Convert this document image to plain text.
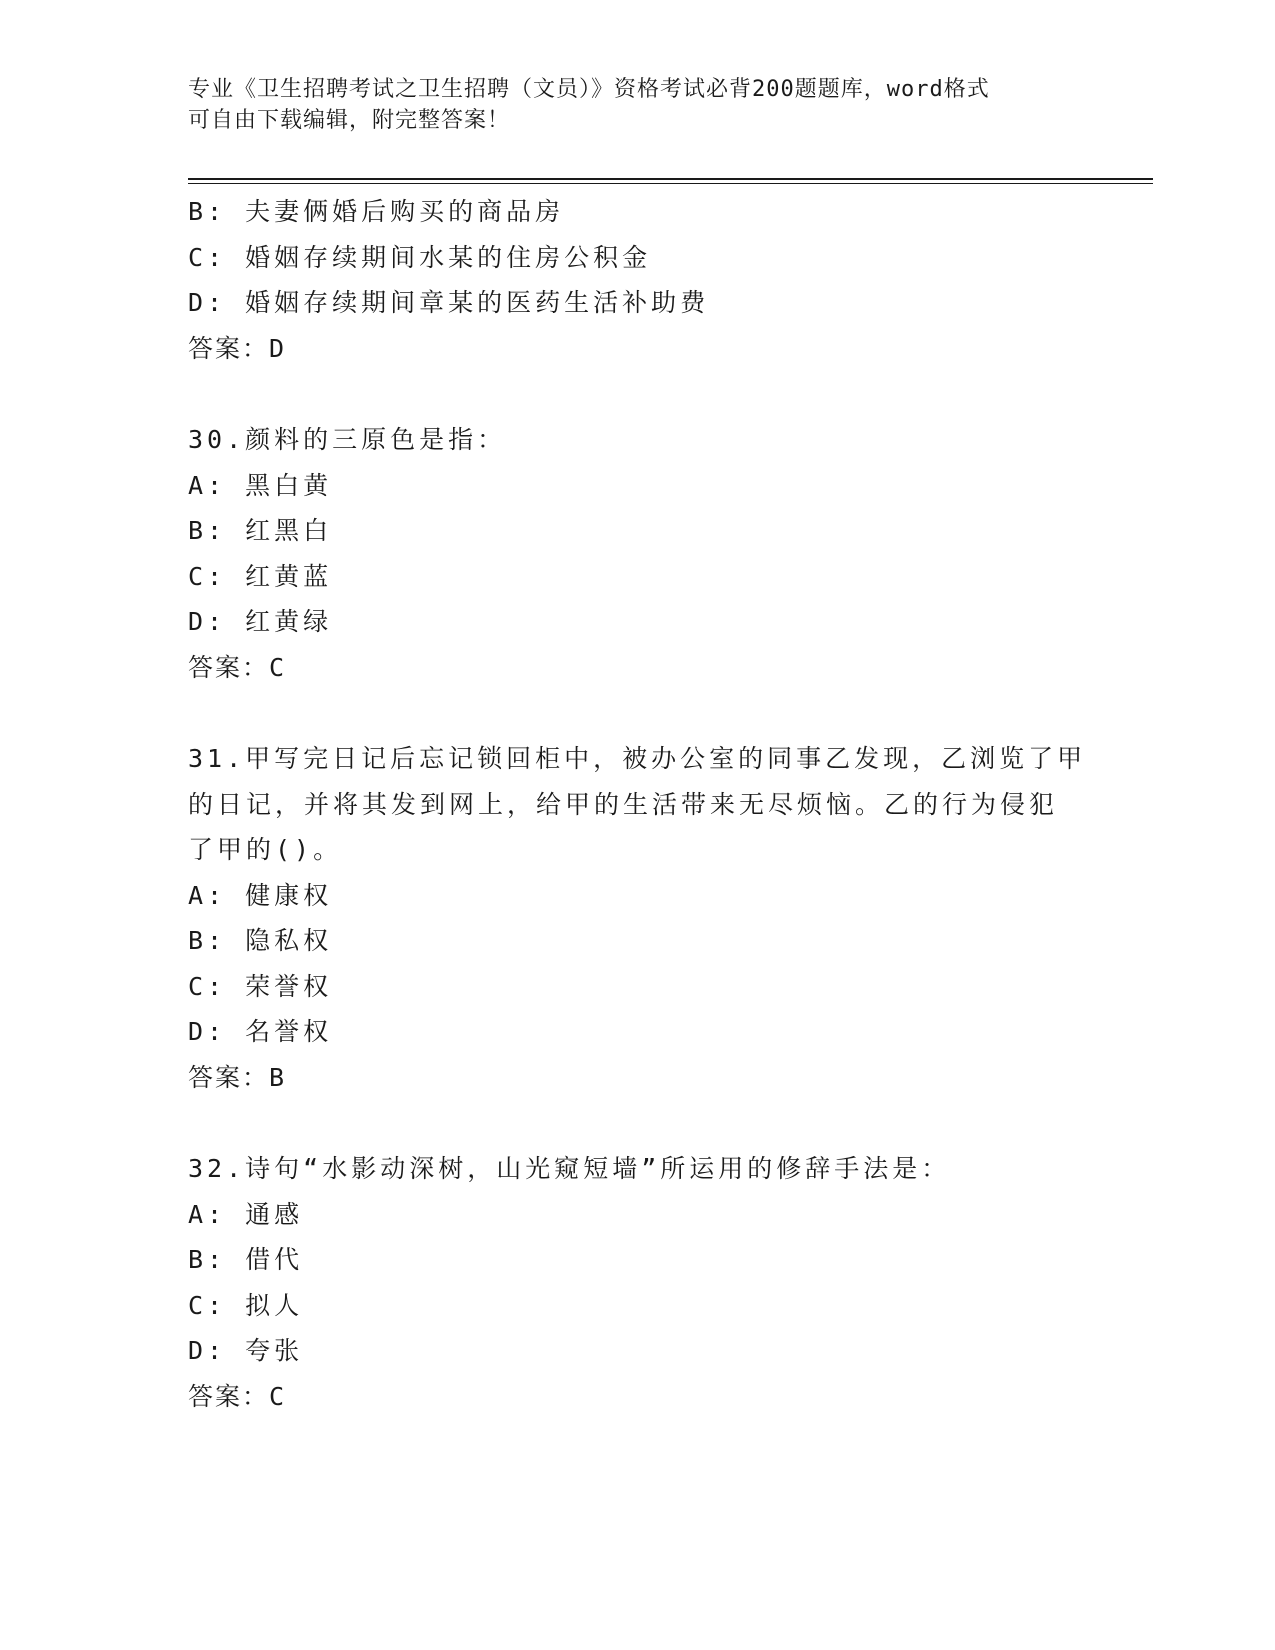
专业《卫生招聘考试之卫生招聘（文员）》资格考试必背200题题库，word格式
可自由下载编辑，附完整答案！
B: 夫妻俩婚后购买的商品房
C: 婚姻存续期间水某的住房公积金
D: 婚姻存续期间章某的医药生活补助费
答案：D
30.颜料的三原色是指：
A: 黑白黄
B: 红黑白
C: 红黄蓝
D: 红黄绿
答案：C
31.甲写完日记后忘记锁回柜中，被办公室的同事乙发现，乙浏览了甲
的日记，并将其发到网上，给甲的生活带来无尽烦恼。乙的行为侵犯
了甲的()。
A: 健康权
B: 隐私权
C: 荣誉权
D: 名誉权
答案：B
32.诗句“水影动深树，山光窥短墙”所运用的修辞手法是：
A: 通感
B: 借代
C: 拟人
D: 夸张
答案：C
